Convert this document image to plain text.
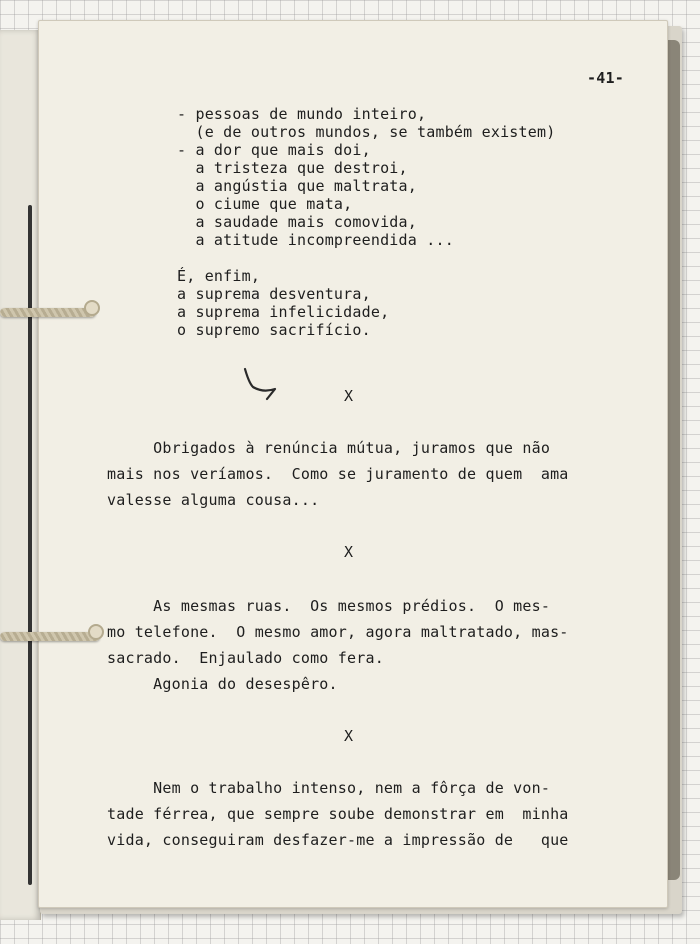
-41-
- pessoas de mundo inteiro,
(e de outros mundos, se também existem)
- a dor que mais doi,
a tristeza que destroi,
a angústia que maltrata,
o ciume que mata,
a saudade mais comovida,
a atitude incompreendida ...
É, enfim,
a suprema desventura,
a suprema infelicidade,
o supremo sacrifício.
X
Obrigados à renúncia mútua, juramos que não
mais nos veríamos.  Como se juramento de quem  ama
valesse alguma cousa...
X
As mesmas ruas.  Os mesmos prédios.  O mes-
mo telefone.  O mesmo amor, agora maltratado, mas-
sacrado.  Enjaulado como fera.
Agonia do desespêro.
X
Nem o trabalho intenso, nem a fôrça de von-
tade férrea, que sempre soube demonstrar em  minha
vida, conseguiram desfazer-me a impressão de   que
